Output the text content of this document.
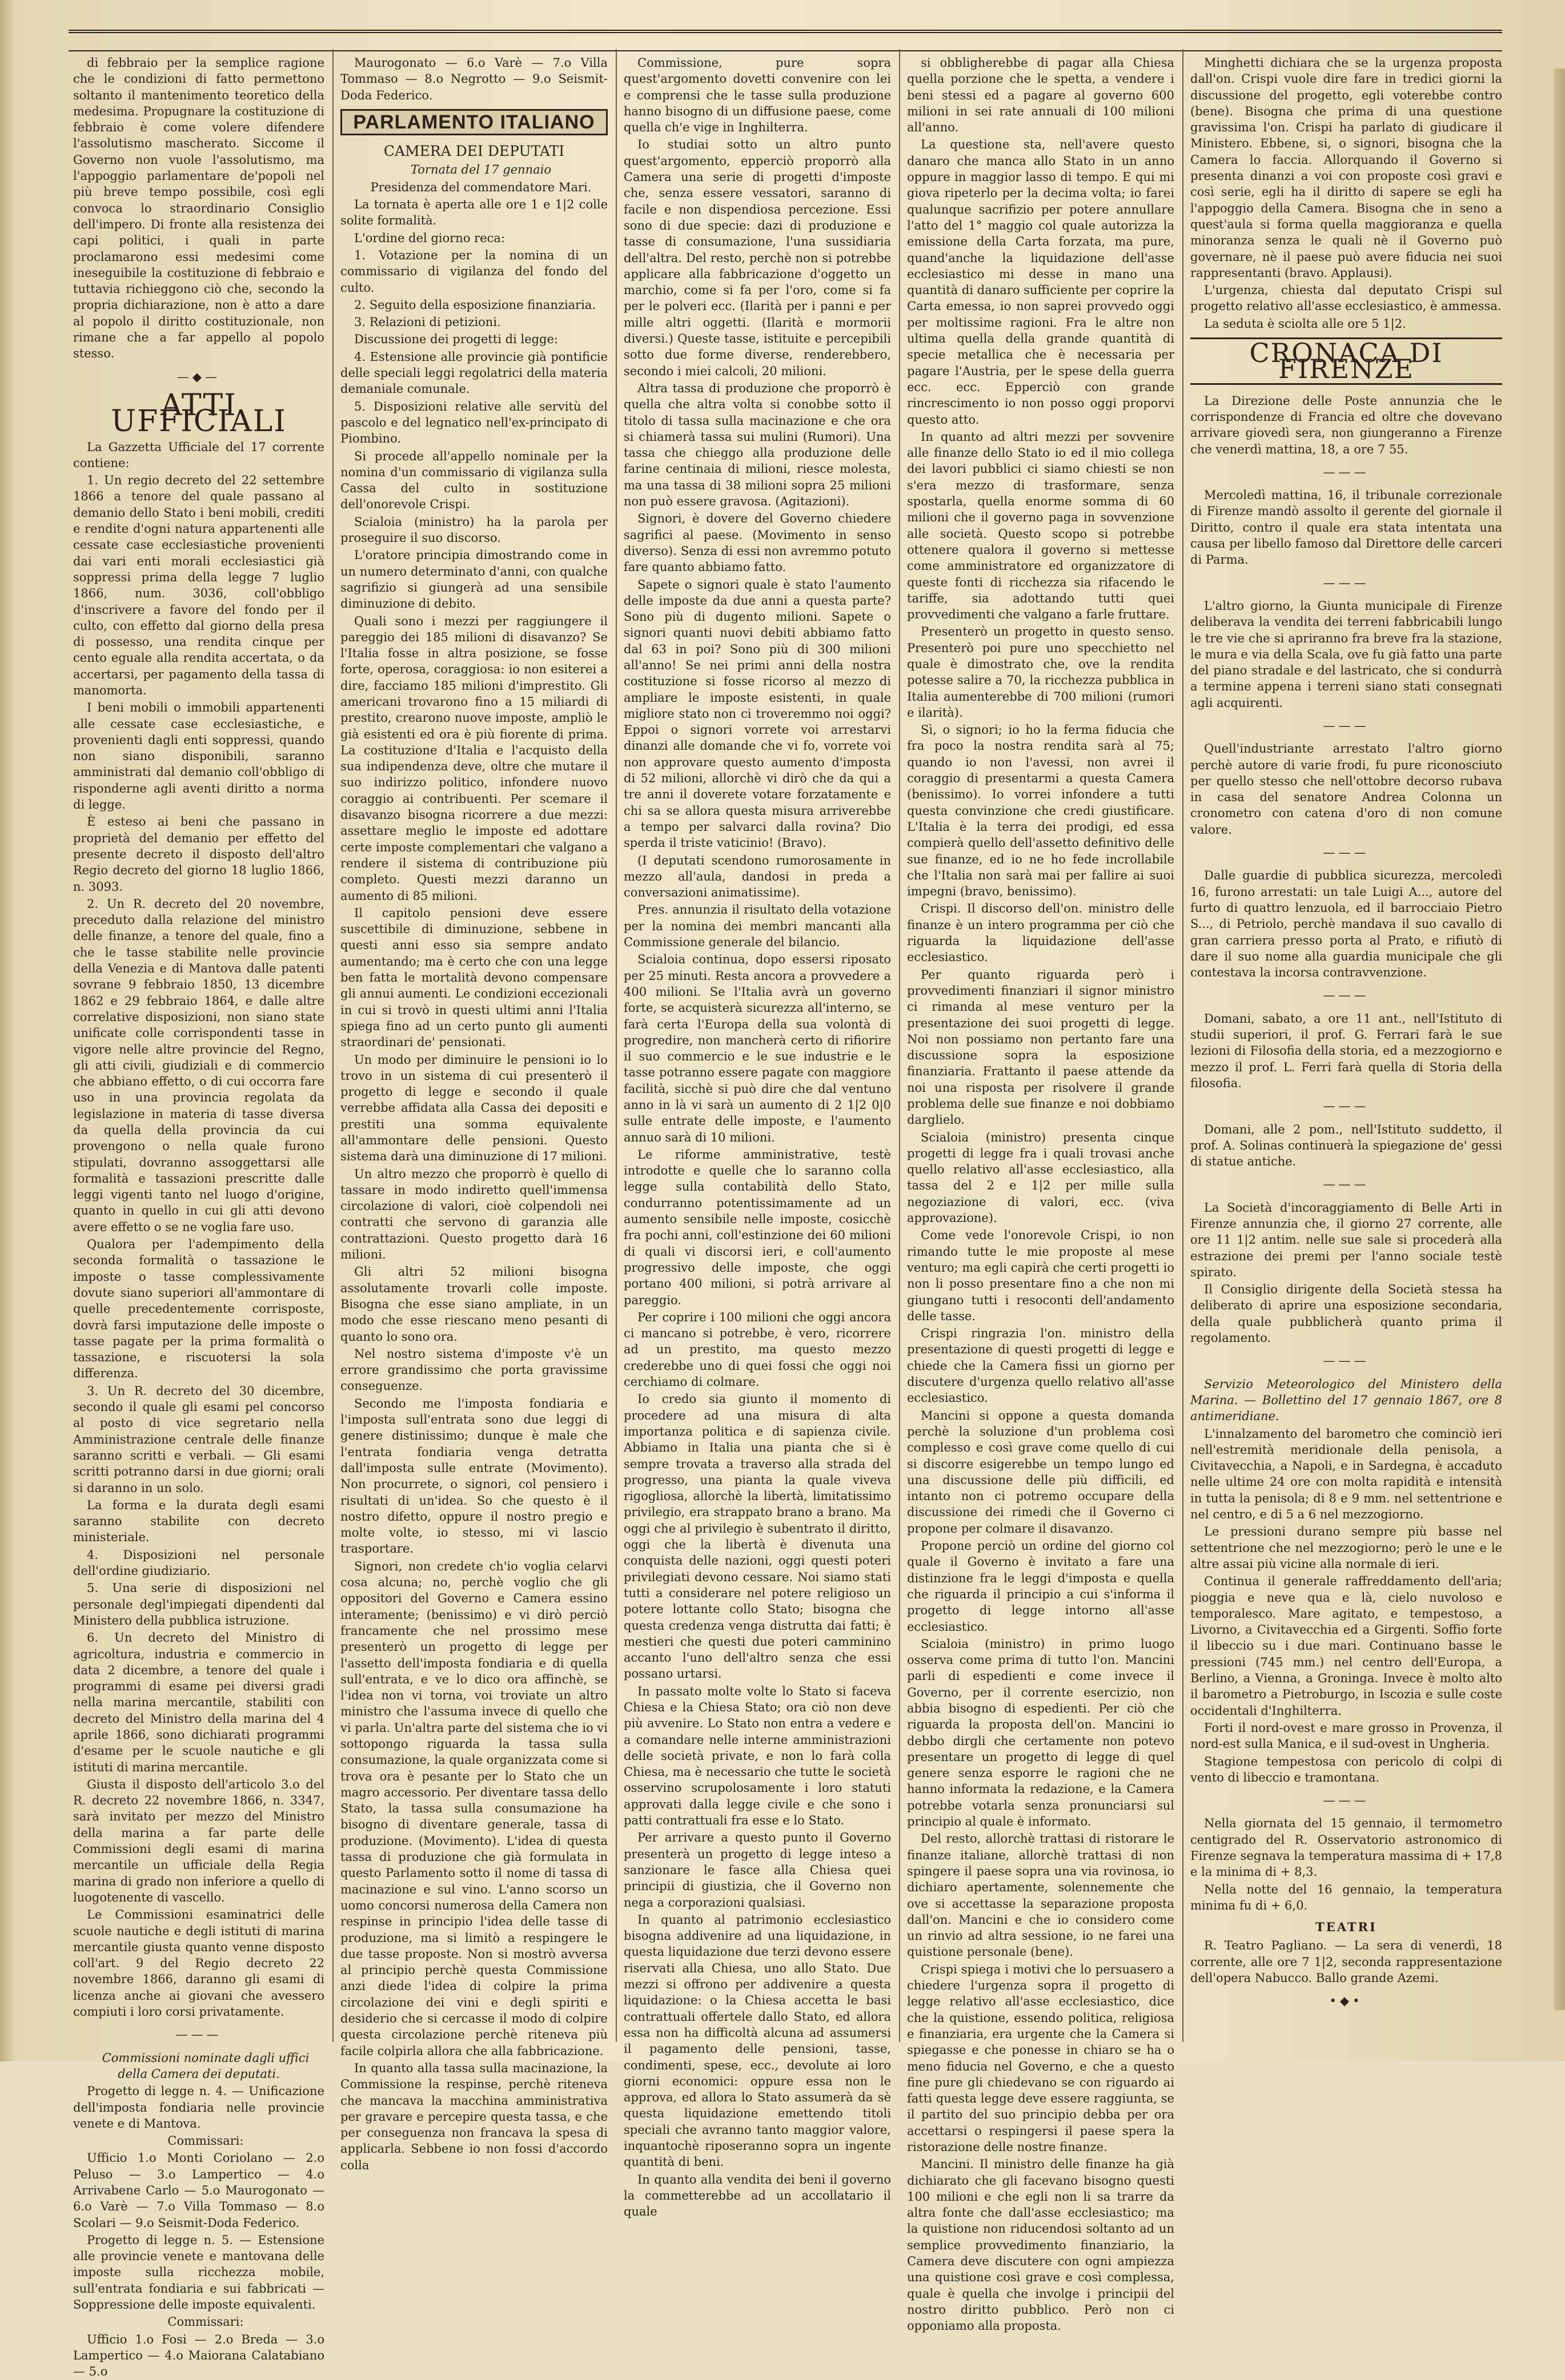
di febbraio per la semplice ragione che le condizioni di fatto permettono soltanto il mantenimento teoretico della medesima. Propugnare la costituzione di febbraio è come volere difendere l'assolutismo mascherato. Siccome il Governo non vuole l'assolutismo, ma l'appoggio parlamentare de'popoli nel più breve tempo possibile, così egli convoca lo straordinario Consiglio dell'impero. Di fronte alla resistenza dei capi politici, i quali in parte proclamarono essi medesimi come ineseguibile la costituzione di febbraio e tuttavia richieggono ciò che, secondo la propria dichiarazione, non è atto a dare al popolo il diritto costituzionale, non rimane che a far appello al popolo stesso.

—◆—
ATTI UFFICIALI

La Gazzetta Ufficiale del 17 corrente contiene:

1. Un regio decreto del 22 settembre 1866 a tenore del quale passano al demanio dello Stato i beni mobili, crediti e rendite d'ogni natura appartenenti alle cessate case ecclesiastiche provenienti dai vari enti morali ecclesiastici già soppressi prima della legge 7 luglio 1866, num. 3036, coll'obbligo d'inscrivere a favore del fondo per il culto, con effetto dal giorno della presa di possesso, una rendita cinque per cento eguale alla rendita accertata, o da accertarsi, per pagamento della tassa di manomorta.

I beni mobili o immobili appartenenti alle cessate case ecclesiastiche, e provenienti dagli enti soppressi, quando non siano disponibili, saranno amministrati dal demanio coll'obbligo di risponderne agli aventi diritto a norma di legge.

È esteso ai beni che passano in proprietà del demanio per effetto del presente decreto il disposto dell'altro Regio decreto del giorno 18 luglio 1866, n. 3093.

2. Un R. decreto del 20 novembre, preceduto dalla relazione del ministro delle finanze, a tenore del quale, fino a che le tasse stabilite nelle provincie della Venezia e di Mantova dalle patenti sovrane 9 febbraio 1850, 13 dicembre 1862 e 29 febbraio 1864, e dalle altre correlative disposizioni, non siano state unificate colle corrispondenti tasse in vigore nelle altre provincie del Regno, gli atti civili, giudiziali e di commercio che abbiano effetto, o di cui occorra fare uso in una provincia regolata da legislazione in materia di tasse diversa da quella della provincia da cui provengono o nella quale furono stipulati, dovranno assoggettarsi alle formalità e tassazioni prescritte dalle leggi vigenti tanto nel luogo d'origine, quanto in quello in cui gli atti devono avere effetto o se ne voglia fare uso.

Qualora per l'adempimento della seconda formalità o tassazione le imposte o tasse complessivamente dovute siano superiori all'ammontare di quelle precedentemente corrisposte, dovrà farsi imputazione delle imposte o tasse pagate per la prima formalità o tassazione, e riscuotersi la sola differenza.

3. Un R. decreto del 30 dicembre, secondo il quale gli esami pel concorso al posto di vice segretario nella Amministrazione centrale delle finanze saranno scritti e verbali. — Gli esami scritti potranno darsi in due giorni; orali si daranno in un solo.

La forma e la durata degli esami saranno stabilite con decreto ministeriale.

4. Disposizioni nel personale dell'ordine giudiziario.

5. Una serie di disposizioni nel personale degl'impiegati dipendenti dal Ministero della pubblica istruzione.

6. Un decreto del Ministro di agricoltura, industria e commercio in data 2 dicembre, a tenore del quale i programmi di esame pei diversi gradi nella marina mercantile, stabiliti con decreto del Ministro della marina del 4 aprile 1866, sono dichiarati programmi d'esame per le scuole nautiche e gli istituti di marina mercantile.

Giusta il disposto dell'articolo 3.o del R. decreto 22 novembre 1866, n. 3347, sarà invitato per mezzo del Ministro della marina a far parte delle Commissioni degli esami di marina mercantile un ufficiale della Regia marina di grado non inferiore a quello di luogotenente di vascello.

Le Commissioni esaminatrici delle scuole nautiche e degli istituti di marina mercantile giusta quanto venne disposto coll'art. 9 del Regio decreto 22 novembre 1866, daranno gli esami di licenza anche ai giovani che avessero compiuti i loro corsi privatamente.

———

Commissioni nominate dagli uffici della Camera dei deputati.

Progetto di legge n. 4. — Unificazione dell'imposta fondiaria nelle provincie venete e di Mantova.

Commissari:

Ufficio 1.o Monti Coriolano — 2.o Peluso — 3.o Lampertico — 4.o Arrivabene Carlo — 5.o Maurogonato — 6.o Varè — 7.o Villa Tommaso — 8.o Scolari — 9.o Seismit-Doda Federico.

Progetto di legge n. 5. — Estensione alle provincie venete e mantovana delle imposte sulla ricchezza mobile, sull'entrata fondiaria e sui fabbricati — Soppressione delle imposte equivalenti.

Commissari:

Ufficio 1.o Fosi — 2.o Breda — 3.o Lampertico — 4.o Maiorana Calatabiano — 5.o

Maurogonato — 6.o Varè — 7.o Villa Tommaso — 8.o Negrotto — 9.o Seismit-Doda Federico.

PARLAMENTO ITALIANO
CAMERA DEI DEPUTATI

Tornata del 17 gennaio

Presidenza del commendatore Mari.

La tornata è aperta alle ore 1 e 1|2 colle solite formalità.

L'ordine del giorno reca:

1. Votazione per la nomina di un commissario di vigilanza del fondo del culto.

2. Seguito della esposizione finanziaria.

3. Relazioni di petizioni.

Discussione dei progetti di legge:

4. Estensione alle provincie già pontificie delle speciali leggi regolatrici della materia demaniale comunale.

5. Disposizioni relative alle servitù del pascolo e del legnatico nell'ex-principato di Piombino.

Si procede all'appello nominale per la nomina d'un commissario di vigilanza sulla Cassa del culto in sostituzione dell'onorevole Crispi.

Scialoia (ministro) ha la parola per proseguire il suo discorso.

L'oratore principia dimostrando come in un numero determinato d'anni, con qualche sagrifizio si giungerà ad una sensibile diminuzione di debito.

Quali sono i mezzi per raggiungere il pareggio dei 185 milioni di disavanzo? Se l'Italia fosse in altra posizione, se fosse forte, operosa, coraggiosa: io non esiterei a dire, facciamo 185 milioni d'imprestito. Gli americani trovarono fino a 15 miliardi di prestito, crearono nuove imposte, ampliò le già esistenti ed ora è più fiorente di prima. La costituzione d'Italia e l'acquisto della sua indipendenza deve, oltre che mutare il suo indirizzo politico, infondere nuovo coraggio ai contribuenti. Per scemare il disavanzo bisogna ricorrere a due mezzi: assettare meglio le imposte ed adottare certe imposte complementari che valgano a rendere il sistema di contribuzione più completo. Questi mezzi daranno un aumento di 85 milioni.

Il capitolo pensioni deve essere suscettibile di diminuzione, sebbene in questi anni esso sia sempre andato aumentando; ma è certo che con una legge ben fatta le mortalità devono compensare gli annui aumenti. Le condizioni eccezionali in cui si trovò in questi ultimi anni l'Italia spiega fino ad un certo punto gli aumenti straordinari de' pensionati.

Un modo per diminuire le pensioni io lo trovo in un sistema di cui presenterò il progetto di legge e secondo il quale verrebbe affidata alla Cassa dei depositi e prestiti una somma equivalente all'ammontare delle pensioni. Questo sistema darà una diminuzione di 17 milioni.

Un altro mezzo che proporrò è quello di tassare in modo indiretto quell'immensa circolazione di valori, cioè colpendoli nei contratti che servono di garanzia alle contrattazioni. Questo progetto darà 16 milioni.

Gli altri 52 milioni bisogna assolutamente trovarli colle imposte. Bisogna che esse siano ampliate, in un modo che esse riescano meno pesanti di quanto lo sono ora.

Nel nostro sistema d'imposte v'è un errore grandissimo che porta gravissime conseguenze.

Secondo me l'imposta fondiaria e l'imposta sull'entrata sono due leggi di genere distinissimo; dunque è male che l'entrata fondiaria venga detratta dall'imposta sulle entrate (Movimento). Non procurrete, o signori, col pensiero i risultati di un'idea. So che questo è il nostro difetto, oppure il nostro pregio e molte volte, io stesso, mi vi lascio trasportare.

Signori, non credete ch'io voglia celarvi cosa alcuna; no, perchè voglio che gli oppositori del Governo e Camera essino interamente; (benissimo) e vi dirò perciò francamente che nel prossimo mese presenterò un progetto di legge per l'assetto dell'imposta fondiaria e di quella sull'entrata, e ve lo dico ora affinchè, se l'idea non vi torna, voi troviate un altro ministro che l'assuma invece di quello che vi parla. Un'altra parte del sistema che io vi sottopongo riguarda la tassa sulla consumazione, la quale organizzata come si trova ora è pesante per lo Stato che un magro accessorio. Per diventare tassa dello Stato, la tassa sulla consumazione ha bisogno di diventare generale, tassa di produzione. (Movimento). L'idea di questa tassa di produzione che già formulata in questo Parlamento sotto il nome di tassa di macinazione e sul vino. L'anno scorso un uomo concorsi numerosa della Camera non respinse in principio l'idea delle tasse di produzione, ma si limitò a respingere le due tasse proposte. Non si mostrò avversa al principio perchè questa Commissione anzi diede l'idea di colpire la prima circolazione dei vini e degli spiriti e desiderio che si cercasse il modo di colpire questa circolazione perchè riteneva più facile colpirla allora che alla fabbricazione.

In quanto alla tassa sulla macinazione, la Commissione la respinse, perchè riteneva che mancava la macchina amministrativa per gravare e percepire questa tassa, e che per conseguenza non francava la spesa di applicarla. Sebbene io non fossi d'accordo colla

Commissione, pure sopra quest'argomento dovetti convenire con lei e comprensi che le tasse sulla produzione hanno bisogno di un diffusione paese, come quella ch'e vige in Inghilterra.

Io studiai sotto un altro punto quest'argomento, epperciò proporrò alla Camera una serie di progetti d'imposte che, senza essere vessatori, saranno di facile e non dispendiosa percezione. Essi sono di due specie: dazi di produzione e tasse di consumazione, l'una sussidiaria dell'altra. Del resto, perchè non si potrebbe applicare alla fabbricazione d'oggetto un marchio, come si fa per l'oro, come si fa per le polveri ecc. (Ilarità per i panni e per mille altri oggetti. (Ilarità e mormorii diversi.) Queste tasse, istituite e percepibili sotto due forme diverse, renderebbero, secondo i miei calcoli, 20 milioni.

Altra tassa di produzione che proporrò è quella che altra volta si conobbe sotto il titolo di tassa sulla macinazione e che ora si chiamerà tassa sui mulini (Rumori). Una tassa che chieggo alla produzione delle farine centinaia di milioni, riesce molesta, ma una tassa di 38 milioni sopra 25 milioni non può essere gravosa. (Agitazioni).

Signori, è dovere del Governo chiedere sagrifici al paese. (Movimento in senso diverso). Senza di essi non avremmo potuto fare quanto abbiamo fatto.

Sapete o signori quale è stato l'aumento delle imposte da due anni a questa parte? Sono più di dugento milioni. Sapete o signori quanti nuovi debiti abbiamo fatto dal 63 in poi? Sono più di 300 milioni all'anno! Se nei primi anni della nostra costituzione si fosse ricorso al mezzo di ampliare le imposte esistenti, in quale migliore stato non ci troveremmo noi oggi? Eppoi o signori vorrete voi arrestarvi dinanzi alle domande che vi fo, vorrete voi non approvare questo aumento d'imposta di 52 milioni, allorchè vi dirò che da qui a tre anni il doverete votare forzatamente e chi sa se allora questa misura arriverebbe a tempo per salvarci dalla rovina? Dio sperda il triste vaticinio! (Bravo).

(I deputati scendono rumorosamente in mezzo all'aula, dandosi in preda a conversazioni animatissime).

Pres. annunzia il risultato della votazione per la nomina dei membri mancanti alla Commissione generale del bilancio.

Scialoia continua, dopo essersi riposato per 25 minuti. Resta ancora a provvedere a 400 milioni. Se l'Italia avrà un governo forte, se acquisterà sicurezza all'interno, se farà certa l'Europa della sua volontà di progredire, non mancherà certo di rifiorire il suo commercio e le sue industrie e le tasse potranno essere pagate con maggiore facilità, sicchè si può dire che dal ventuno anno in là vi sarà un aumento di 2 1|2 0|0 sulle entrate delle imposte, e l'aumento annuo sarà di 10 milioni.

Le riforme amministrative, testè introdotte e quelle che lo saranno colla legge sulla contabilità dello Stato, condurranno potentissimamente ad un aumento sensibile nelle imposte, cosicchè fra pochi anni, coll'estinzione dei 60 milioni di quali vi discorsi ieri, e coll'aumento progressivo delle imposte, che oggi portano 400 milioni, si potrà arrivare al pareggio.

Per coprire i 100 milioni che oggi ancora ci mancano si potrebbe, è vero, ricorrere ad un prestito, ma questo mezzo crederebbe uno di quei fossi che oggi noi cerchiamo di colmare.

Io credo sia giunto il momento di procedere ad una misura di alta importanza politica e di sapienza civile. Abbiamo in Italia una pianta che si è sempre trovata a traverso alla strada del progresso, una pianta la quale viveva rigogliosa, allorchè la libertà, limitatissimo privilegio, era strappato brano a brano. Ma oggi che al privilegio è subentrato il diritto, oggi che la libertà è divenuta una conquista delle nazioni, oggi questi poteri privilegiati devono cessare. Noi siamo stati tutti a considerare nel potere religioso un potere lottante collo Stato; bisogna che questa credenza venga distrutta dai fatti; è mestieri che questi due poteri camminino accanto l'uno dell'altro senza che essi possano urtarsi.

In passato molte volte lo Stato si faceva Chiesa e la Chiesa Stato; ora ciò non deve più avvenire. Lo Stato non entra a vedere e a comandare nelle interne amministrazioni delle società private, e non lo farà colla Chiesa, ma è necessario che tutte le società osservino scrupolosamente i loro statuti approvati dalla legge civile e che sono i patti contrattuali fra esse e lo Stato.

Per arrivare a questo punto il Governo presenterà un progetto di legge inteso a sanzionare le fasce alla Chiesa quei principii di giustizia, che il Governo non nega a corporazioni qualsiasi.

In quanto al patrimonio ecclesiastico bisogna addivenire ad una liquidazione, in questa liquidazione due terzi devono essere riservati alla Chiesa, uno allo Stato. Due mezzi si offrono per addivenire a questa liquidazione: o la Chiesa accetta le basi contrattuali offertele dallo Stato, ed allora essa non ha difficoltà alcuna ad assumersi il pagamento delle pensioni, tasse, condimenti, spese, ecc., devolute ai loro giorni economici: oppure essa non le approva, ed allora lo Stato assumerà da sè questa liquidazione emettendo titoli speciali che avranno tanto maggior valore, inquantochè riposeranno sopra un ingente quantità di beni.

In quanto alla vendita dei beni il governo la commetterebbe ad un accollatario il quale

si obbligherebbe di pagar alla Chiesa quella porzione che le spetta, a vendere i beni stessi ed a pagare al governo 600 milioni in sei rate annuali di 100 milioni all'anno.

La questione sta, nell'avere questo danaro che manca allo Stato in un anno oppure in maggior lasso di tempo. E qui mi giova ripeterlo per la decima volta; io farei qualunque sacrifizio per potere annullare l'atto del 1° maggio col quale autorizza la emissione della Carta forzata, ma pure, quand'anche la liquidazione dell'asse ecclesiastico mi desse in mano una quantità di danaro sufficiente per coprire la Carta emessa, io non saprei provvedo oggi per moltissime ragioni. Fra le altre non ultima quella della grande quantità di specie metallica che è necessaria per pagare l'Austria, per le spese della guerra ecc. ecc. Epperciò con grande rincrescimento io non posso oggi proporvi questo atto.

In quanto ad altri mezzi per sovvenire alle finanze dello Stato io ed il mio collega dei lavori pubblici ci siamo chiesti se non s'era mezzo di trasformare, senza spostarla, quella enorme somma di 60 milioni che il governo paga in sovvenzione alle società. Questo scopo si potrebbe ottenere qualora il governo si mettesse come amministratore ed organizzatore di queste fonti di ricchezza sia rifacendo le tariffe, sia adottando tutti quei provvedimenti che valgano a farle fruttare.

Presenterò un progetto in questo senso. Presenterò poi pure uno specchietto nel quale è dimostrato che, ove la rendita potesse salire a 70, la ricchezza pubblica in Italia aumenterebbe di 700 milioni (rumori e ilarità).

Sì, o signori; io ho la ferma fiducia che fra poco la nostra rendita sarà al 75; quando io non l'avessi, non avrei il coraggio di presentarmi a questa Camera (benissimo). Io vorrei infondere a tutti questa convinzione che credi giustificare. L'Italia è la terra dei prodigi, ed essa compierà quello dell'assetto definitivo delle sue finanze, ed io ne ho fede incrollabile che l'Italia non sarà mai per fallire ai suoi impegni (bravo, benissimo).

Crispi. Il discorso dell'on. ministro delle finanze è un intero programma per ciò che riguarda la liquidazione dell'asse ecclesiastico.

Per quanto riguarda però i provvedimenti finanziari il signor ministro ci rimanda al mese venturo per la presentazione dei suoi progetti di legge. Noi non possiamo non pertanto fare una discussione sopra la esposizione finanziaria. Frattanto il paese attende da noi una risposta per risolvere il grande problema delle sue finanze e noi dobbiamo darglielo.

Scialoia (ministro) presenta cinque progetti di legge fra i quali trovasi anche quello relativo all'asse ecclesiastico, alla tassa del 2 e 1|2 per mille sulla negoziazione di valori, ecc. (viva approvazione).

Come vede l'onorevole Crispi, io non rimando tutte le mie proposte al mese venturo; ma egli capirà che certi progetti io non li posso presentare fino a che non mi giungano tutti i resoconti dell'andamento delle tasse.

Crispi ringrazia l'on. ministro della presentazione di questi progetti di legge e chiede che la Camera fissi un giorno per discutere d'urgenza quello relativo all'asse ecclesiastico.

Mancini si oppone a questa domanda perchè la soluzione d'un problema così complesso e così grave come quello di cui si discorre esigerebbe un tempo lungo ed una discussione delle più difficili, ed intanto non ci potremo occupare della discussione dei rimedi che il Governo ci propone per colmare il disavanzo.

Propone perciò un ordine del giorno col quale il Governo è invitato a fare una distinzione fra le leggi d'imposta e quella che riguarda il principio a cui s'informa il progetto di legge intorno all'asse ecclesiastico.

Scialoia (ministro) in primo luogo osserva come prima di tutto l'on. Mancini parli di espedienti e come invece il Governo, per il corrente esercizio, non abbia bisogno di espedienti. Per ciò che riguarda la proposta dell'on. Mancini io debbo dirgli che certamente non potevo presentare un progetto di legge di quel genere senza esporre le ragioni che ne hanno informata la redazione, e la Camera potrebbe votarla senza pronunciarsi sul principio al quale è informato.

Del resto, allorchè trattasi di ristorare le finanze italiane, allorchè trattasi di non spingere il paese sopra una via rovinosa, io dichiaro apertamente, solennemente che ove si accettasse la separazione proposta dall'on. Mancini e che io considero come un rinvio ad altra sessione, io ne farei una quistione personale (bene).

Crispi spiega i motivi che lo persuasero a chiedere l'urgenza sopra il progetto di legge relativo all'asse ecclesiastico, dice che la quistione, essendo politica, religiosa e finanziaria, era urgente che la Camera si spiegasse e che ponesse in chiaro se ha o meno fiducia nel Governo, e che a questo fine pure gli chiedevano se con riguardo ai fatti questa legge deve essere raggiunta, se il partito del suo principio debba per ora accettarsi o respingersi il paese spera la ristorazione delle nostre finanze.

Mancini. Il ministro delle finanze ha già dichiarato che gli facevano bisogno questi 100 milioni e che egli non li sa trarre da altra fonte che dall'asse ecclesiastico; ma la quistione non riducendosi soltanto ad un semplice provvedimento finanziario, la Camera deve discutere con ogni ampiezza una quistione così grave e così complessa, quale è quella che involge i principii del nostro diritto pubblico. Però non ci opponiamo alla proposta.

Minghetti dichiara che se la urgenza proposta dall'on. Crispi vuole dire fare in tredici giorni la discussione del progetto, egli voterebbe contro (bene). Bisogna che prima di una questione gravissima l'on. Crispi ha parlato di giudicare il Ministero. Ebbene, si, o signori, bisogna che la Camera lo faccia. Allorquando il Governo si presenta dinanzi a voi con proposte così gravi e così serie, egli ha il diritto di sapere se egli ha l'appoggio della Camera. Bisogna che in seno a quest'aula si forma quella maggioranza e quella minoranza senza le quali nè il Governo può governare, nè il paese può avere fiducia nei suoi rappresentanti (bravo. Applausi).

L'urgenza, chiesta dal deputato Crispi sul progetto relativo all'asse ecclesiastico, è ammessa.

La seduta è sciolta alle ore 5 1|2.

CRONACA DI FIRENZE

La Direzione delle Poste annunzia che le corrispondenze di Francia ed oltre che dovevano arrivare giovedì sera, non giungeranno a Firenze che venerdì mattina, 18, a ore 7 55.

———

Mercoledì mattina, 16, il tribunale correzionale di Firenze mandò assolto il gerente del giornale il Diritto, contro il quale era stata intentata una causa per libello famoso dal Direttore delle carceri di Parma.

———

L'altro giorno, la Giunta municipale di Firenze deliberava la vendita dei terreni fabbricabili lungo le tre vie che si apriranno fra breve fra la stazione, le mura e via della Scala, ove fu già fatto una parte del piano stradale e del lastricato, che si condurrà a termine appena i terreni siano stati consegnati agli acquirenti.

———

Quell'industriante arrestato l'altro giorno perchè autore di varie frodi, fu pure riconosciuto per quello stesso che nell'ottobre decorso rubava in casa del senatore Andrea Colonna un cronometro con catena d'oro di non comune valore.

———

Dalle guardie di pubblica sicurezza, mercoledì 16, furono arrestati: un tale Luigi A..., autore del furto di quattro lenzuola, ed il barrocciaio Pietro S..., di Petriolo, perchè mandava il suo cavallo di gran carriera presso porta al Prato, e rifiutò di dare il suo nome alla guardia municipale che gli contestava la incorsa contravvenzione.

———

Domani, sabato, a ore 11 ant., nell'Istituto di studii superiori, il prof. G. Ferrari farà le sue lezioni di Filosofia della storia, ed a mezzogiorno e mezzo il prof. L. Ferri farà quella di Storia della filosofia.

———

Domani, alle 2 pom., nell'Istituto suddetto, il prof. A. Solinas continuerà la spiegazione de' gessi di statue antiche.

———

La Società d'incoraggiamento di Belle Arti in Firenze annunzia che, il giorno 27 corrente, alle ore 11 1|2 antim. nelle sue sale si procederà alla estrazione dei premi per l'anno sociale testè spirato.

Il Consiglio dirigente della Società stessa ha deliberato di aprire una esposizione secondaria, della quale pubblicherà quanto prima il regolamento.

———

Servizio Meteorologico del Ministero della Marina. — Bollettino del 17 gennaio 1867, ore 8 antimeridiane.

L'innalzamento del barometro che cominciò ieri nell'estremità meridionale della penisola, a Civitavecchia, a Napoli, e in Sardegna, è accaduto nelle ultime 24 ore con molta rapidità e intensità in tutta la penisola; di 8 e 9 mm. nel settentrione e nel centro, e di 5 a 6 nel mezzogiorno.

Le pressioni durano sempre più basse nel settentrione che nel mezzogiorno; però le une e le altre assai più vicine alla normale di ieri.

Continua il generale raffreddamento dell'aria; pioggia e neve qua e là, cielo nuvoloso e temporalesco. Mare agitato, e tempestoso, a Livorno, a Civitavecchia ed a Girgenti. Soffio forte il libeccio su i due mari. Continuano basse le pressioni (745 mm.) nel centro dell'Europa, a Berlino, a Vienna, a Groninga. Invece è molto alto il barometro a Pietroburgo, in Iscozia e sulle coste occidentali d'Inghilterra.

Forti il nord-ovest e mare grosso in Provenza, il nord-est sulla Manica, e il sud-ovest in Ungheria.

Stagione tempestosa con pericolo di colpi di vento di libeccio e tramontana.

———

Nella giornata del 15 gennaio, il termometro centigrado del R. Osservatorio astronomico di Firenze segnava la temperatura massima di + 17,8 e la minima di + 8,3.

Nella notte del 16 gennaio, la temperatura minima fu di + 6,0.

TEATRI

R. Teatro Pagliano. — La sera di venerdì, 18 corrente, alle ore 7 1|2, seconda rappresentazione dell'opera Nabucco. Ballo grande Azemi.

•◆•
